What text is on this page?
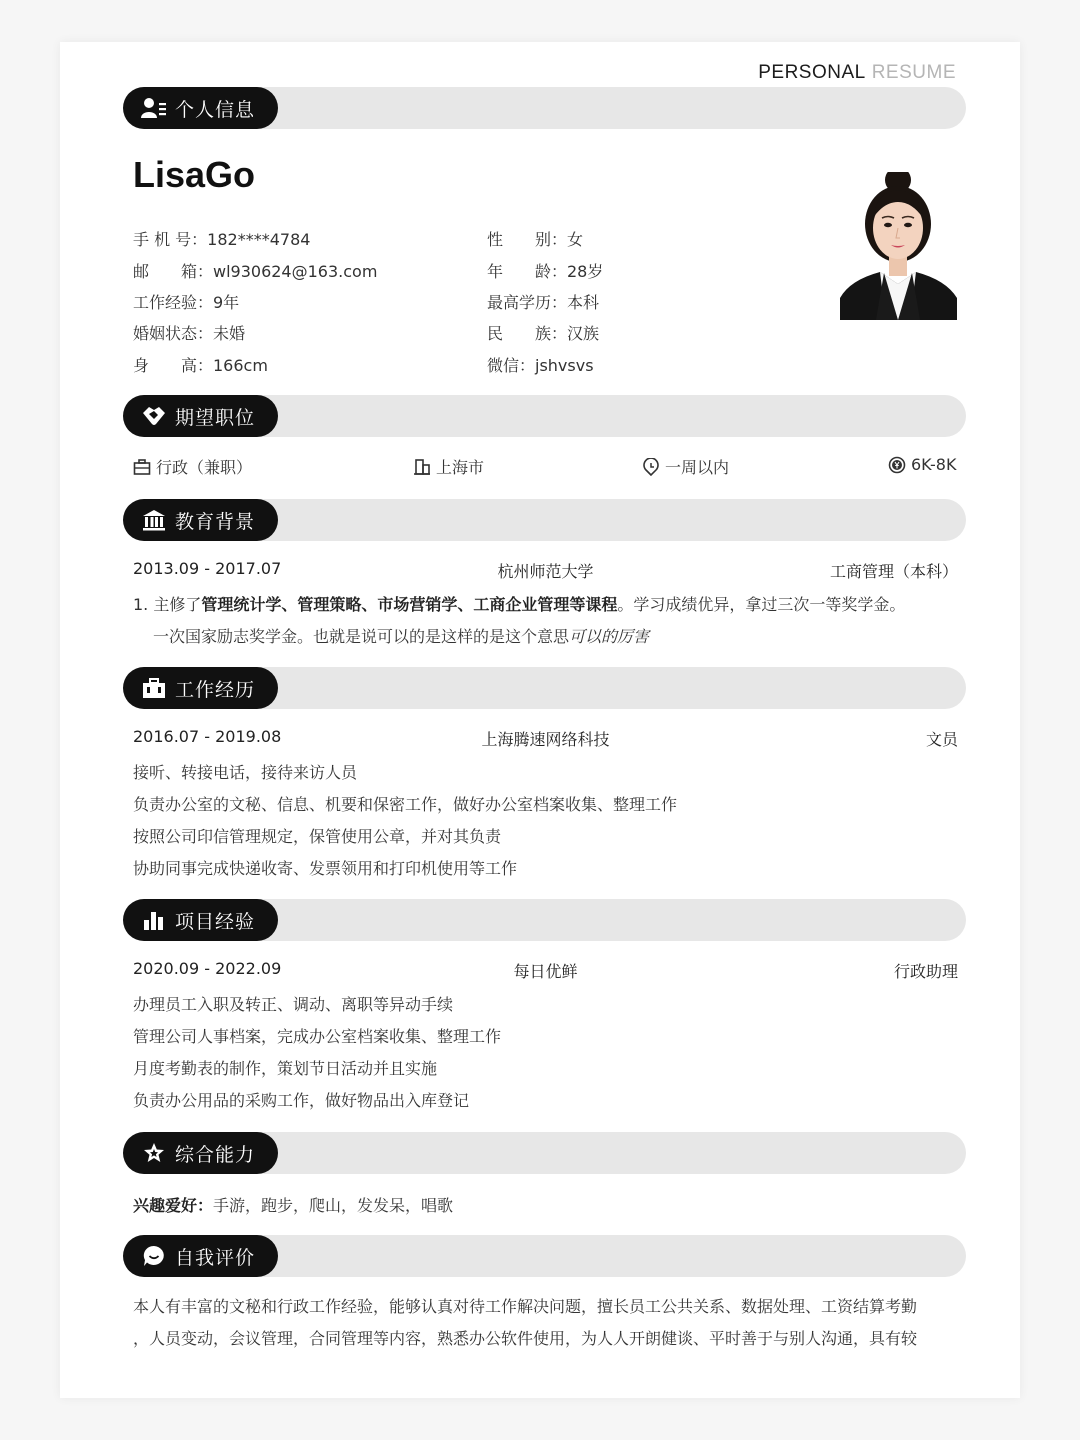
PERSONAL RESUME
个人信息
LisaGo
手 机 号：182****4784
邮　　箱：wl930624@163.com
工作经验：9年
婚姻状态：未婚
身　　高：166cm
性　　别：女
年　　龄：28岁
最高学历：本科
民　　族：汉族
微信：jshvsvs
期望职位
行政（兼职）	上海市	一周以内	6K-8K
教育背景
2013.09 - 2017.07	杭州师范大学	工商管理（本科）
1. 主修了管理统计学、管理策略、市场营销学、工商企业管理等课程。学习成绩优异，拿过三次一等奖学金。
一次国家励志奖学金。也就是说可以的是这样的是这个意思可以的厉害
工作经历
2016.07 - 2019.08	上海腾速网络科技	文员
接听、转接电话，接待来访人员
负责办公室的文秘、信息、机要和保密工作，做好办公室档案收集、整理工作
按照公司印信管理规定，保管使用公章，并对其负责
协助同事完成快递收寄、发票领用和打印机使用等工作
项目经验
2020.09 - 2022.09	每日优鲜	行政助理
办理员工入职及转正、调动、离职等异动手续
管理公司人事档案，完成办公室档案收集、整理工作
月度考勤表的制作，策划节日活动并且实施
负责办公用品的采购工作，做好物品出入库登记
综合能力
兴趣爱好：手游，跑步，爬山，发发呆，唱歌
自我评价
本人有丰富的文秘和行政工作经验，能够认真对待工作解决问题，擅长员工公共关系、数据处理、工资结算考勤
，人员变动，会议管理，合同管理等内容，熟悉办公软件使用，为人人开朗健谈、平时善于与别人沟通，具有较
